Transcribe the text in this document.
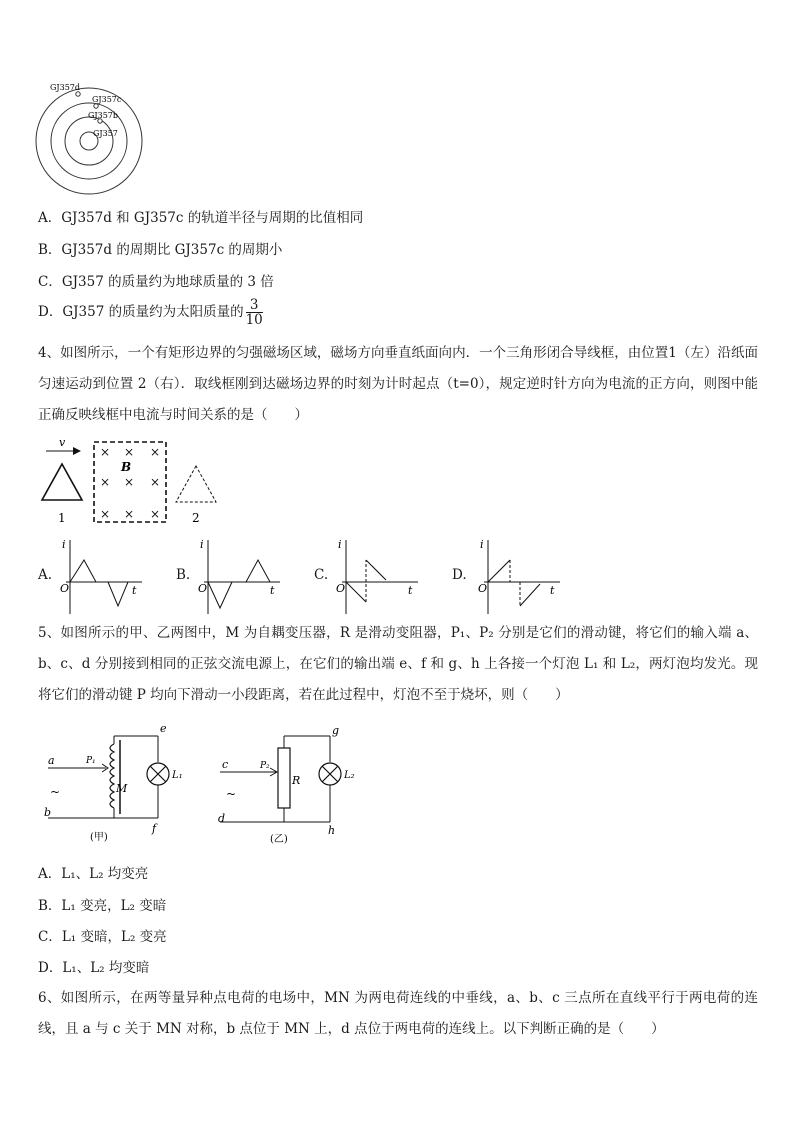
GJ357d
GJ357c
GJ357b
GJ357
A．GJ357d 和 GJ357c 的轨道半径与周期的比值相同
B．GJ357d 的周期比 GJ357c 的周期小
C．GJ357 的质量约为地球质量的 3 倍
D．GJ357 的质量约为太阳质量的 $\frac{3}{10}$
4、如图所示，一个有矩形边界的匀强磁场区域，磁场方向垂直纸面向内．一个三角形闭合导线框，由位置1（左）沿纸面匀速运动到位置 2（右）．取线框刚到达磁场边界的时刻为计时起点（t=0），规定逆时针方向为电流的正方向，则图中能正确反映线框中电流与时间关系的是（　　）
v
1
× × ×
× × ×
× × ×
B
2
A.
i
t
O
B.
i
t
O
C.
i
t
O
D.
i
t
O
5、如图所示的甲、乙两图中，M 为自耦变压器，R 是滑动变阻器，P₁、P₂ 分别是它们的滑动键，将它们的输入端 a、b、c、d 分别接到相同的正弦交流电源上，在它们的输出端 e、f 和 g、h 上各接一个灯泡 L₁ 和 L₂，两灯泡均发光。现将它们的滑动键 P 均向下滑动一小段距离，若在此过程中，灯泡不至于烧坏，则（　　）
a
b
~
P₁
M
L₁
e
f
(甲)
c
d
~
P₂
R	L₂
g
h
(乙)
A．L₁、L₂ 均变亮
B．L₁ 变亮，L₂ 变暗
C．L₁ 变暗，L₂ 变亮
D．L₁、L₂ 均变暗
6、如图所示，在两等量异种点电荷的电场中，MN 为两电荷连线的中垂线，a、b、c 三点所在直线平行于两电荷的连线，且 a 与 c 关于 MN 对称，b 点位于 MN 上，d 点位于两电荷的连线上。以下判断正确的是（　　）
